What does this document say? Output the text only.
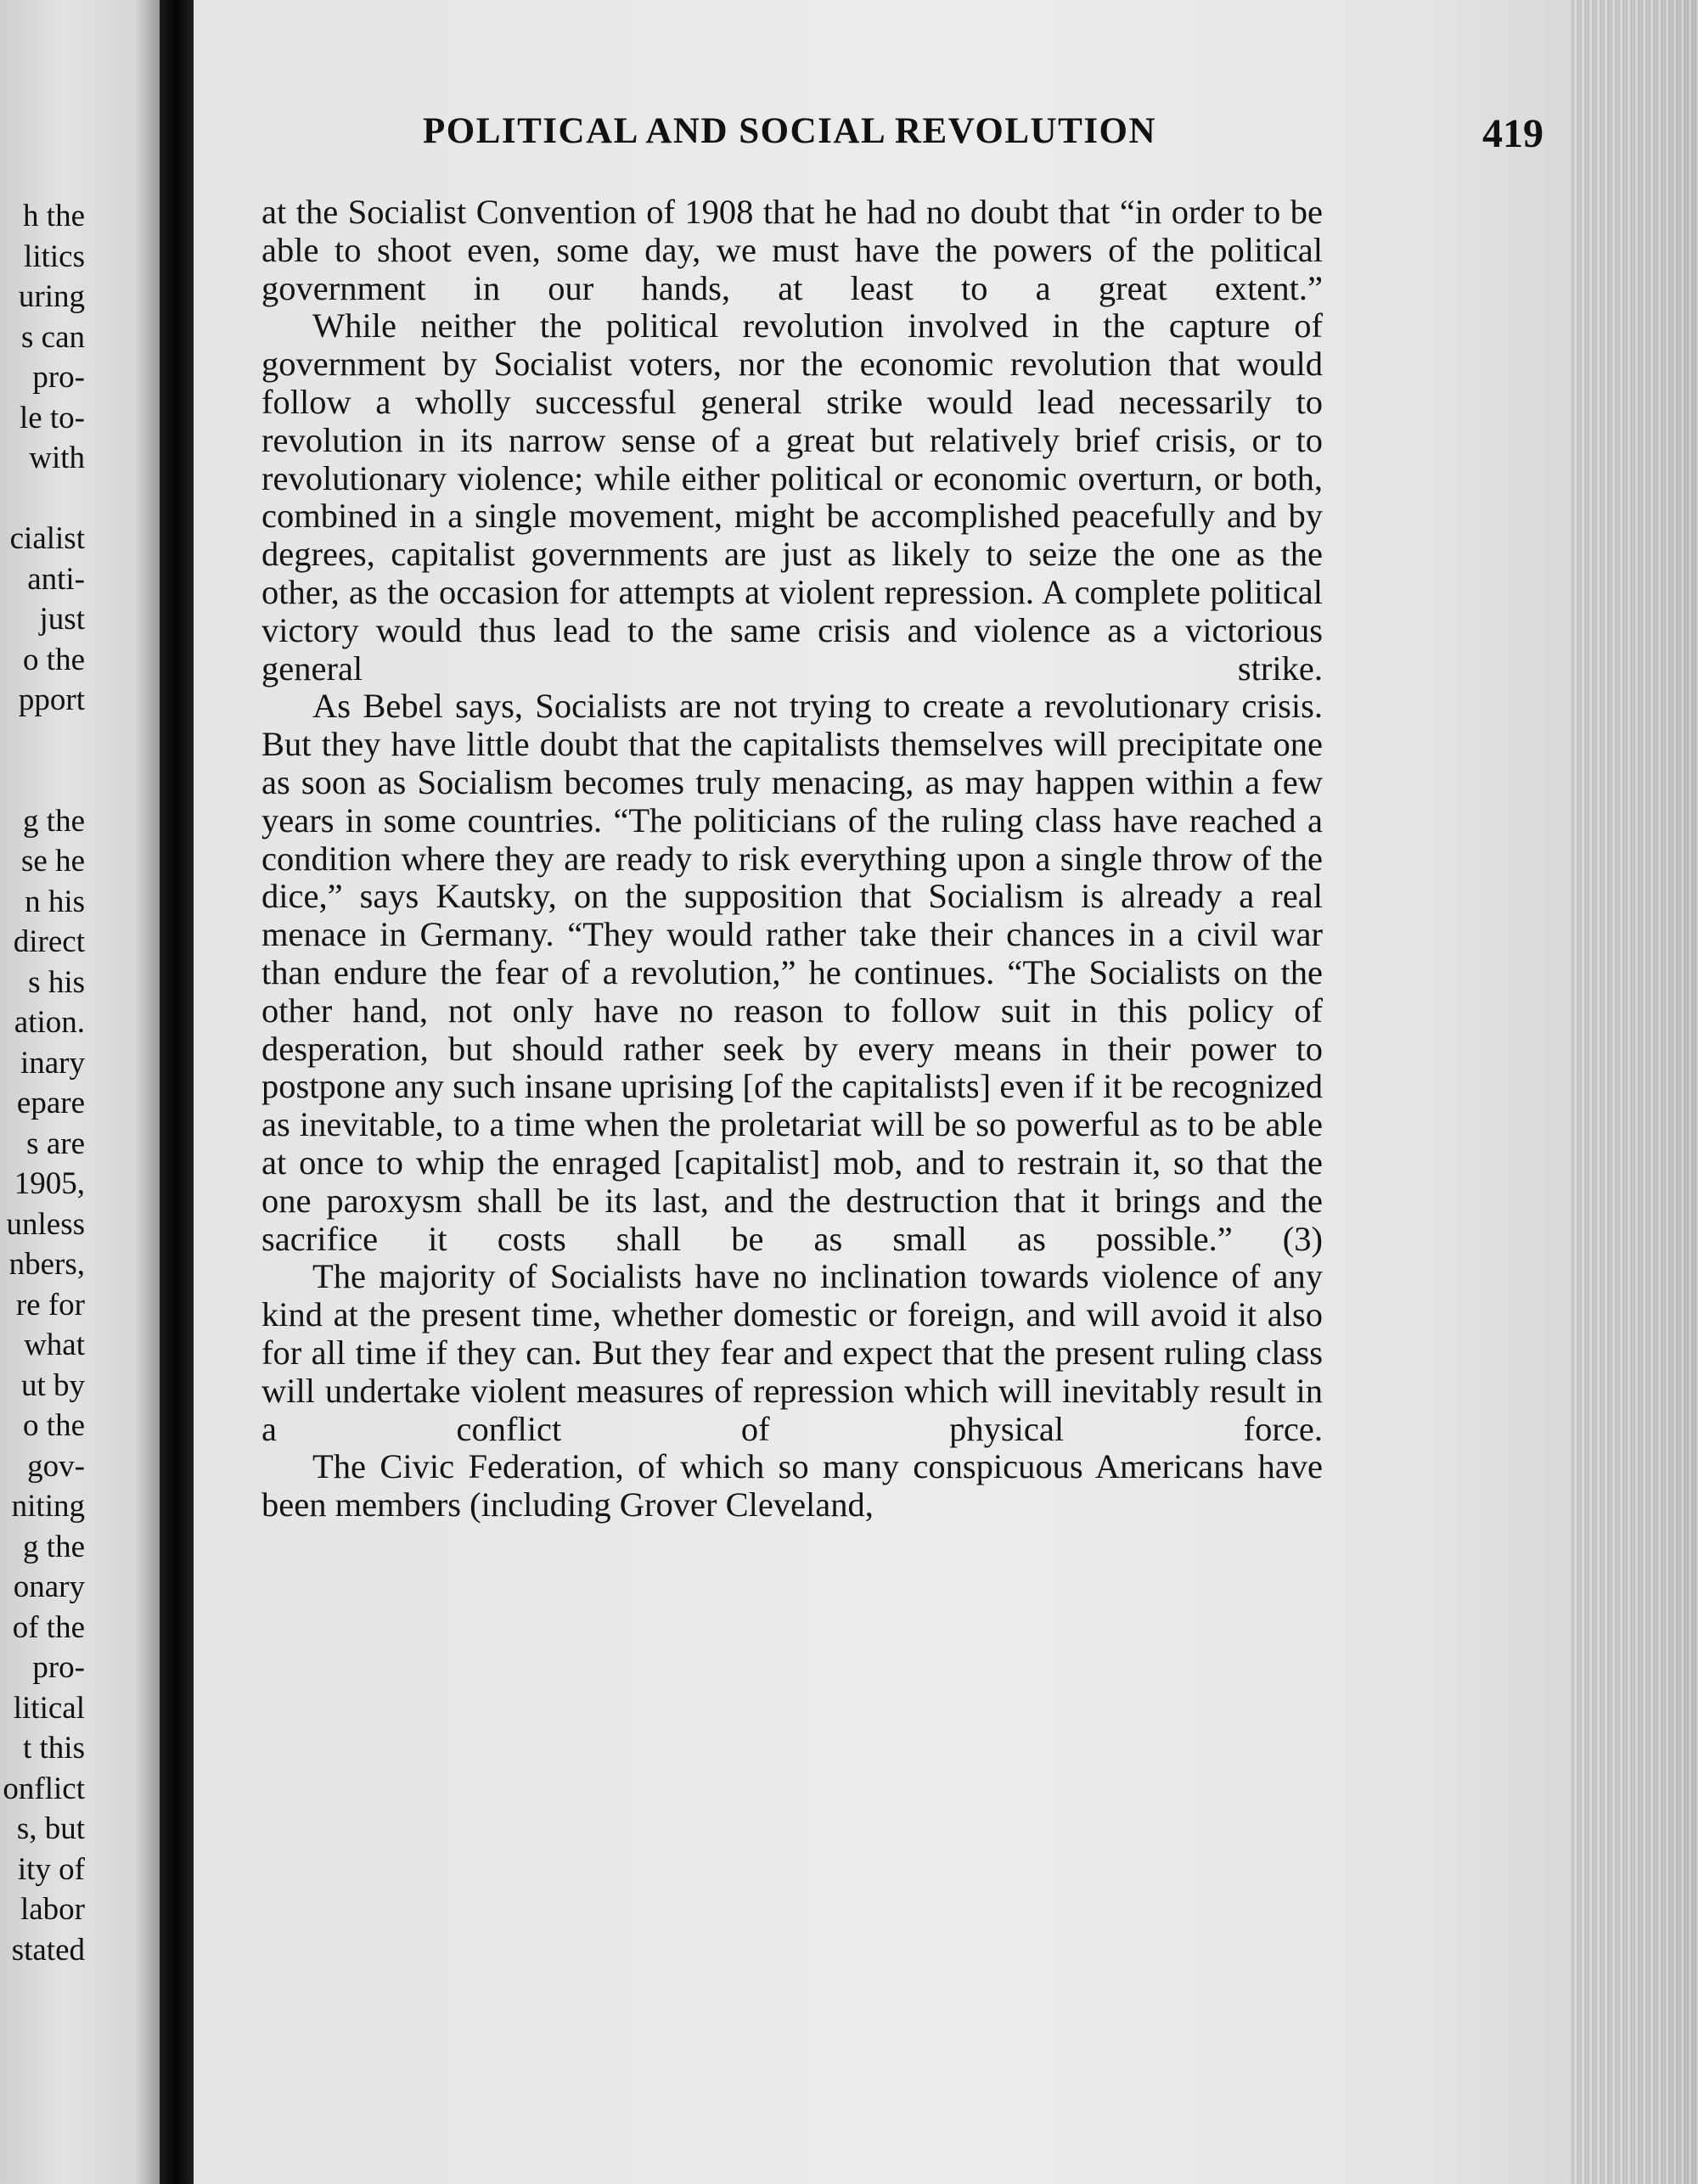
h the
litics
uring
s can
pro-
le to-
with
cialist
anti-
just
o the
pport
g the
se he
n his
direct
s his
ation.
inary
epare
s are
1905,
unless
nbers,
re for
what
ut by
o the
gov-
niting
g the
onary
of the
pro-
litical
t this
onflict
s, but
ity of
labor
stated
POLITICAL AND SOCIAL REVOLUTION	419

at the Socialist Convention of 1908 that he had no doubt that “in order to be able to shoot even, some day, we must have the powers of the political government in our hands, at least to a great extent.”

While neither the political revolution involved in the capture of government by Socialist voters, nor the economic revolution that would follow a wholly successful general strike would lead necessarily to revolution in its narrow sense of a great but relatively brief crisis, or to revolutionary violence; while either political or economic overturn, or both, combined in a single movement, might be accomplished peacefully and by degrees, capitalist governments are just as likely to seize the one as the other, as the occasion for attempts at violent repression. A complete political victory would thus lead to the same crisis and violence as a victorious general strike.

As Bebel says, Socialists are not trying to create a revolutionary crisis. But they have little doubt that the capitalists themselves will precipitate one as soon as Socialism becomes truly menacing, as may happen within a few years in some countries. “The politicians of the ruling class have reached a condition where they are ready to risk everything upon a single throw of the dice,” says Kautsky, on the supposition that Socialism is already a real menace in Germany. “They would rather take their chances in a civil war than endure the fear of a revolution,” he continues. “The Socialists on the other hand, not only have no reason to follow suit in this policy of desperation, but should rather seek by every means in their power to postpone any such insane uprising [of the capitalists] even if it be recognized as inevitable, to a time when the proletariat will be so powerful as to be able at once to whip the enraged [capitalist] mob, and to restrain it, so that the one paroxysm shall be its last, and the destruction that it brings and the sacrifice it costs shall be as small as possible.” (3)

The majority of Socialists have no inclination towards violence of any kind at the present time, whether domestic or foreign, and will avoid it also for all time if they can. But they fear and expect that the present ruling class will undertake violent measures of repression which will inevitably result in a conflict of physical force.

The Civic Federation, of which so many conspicuous Americans have been members (including Grover Cleveland,
